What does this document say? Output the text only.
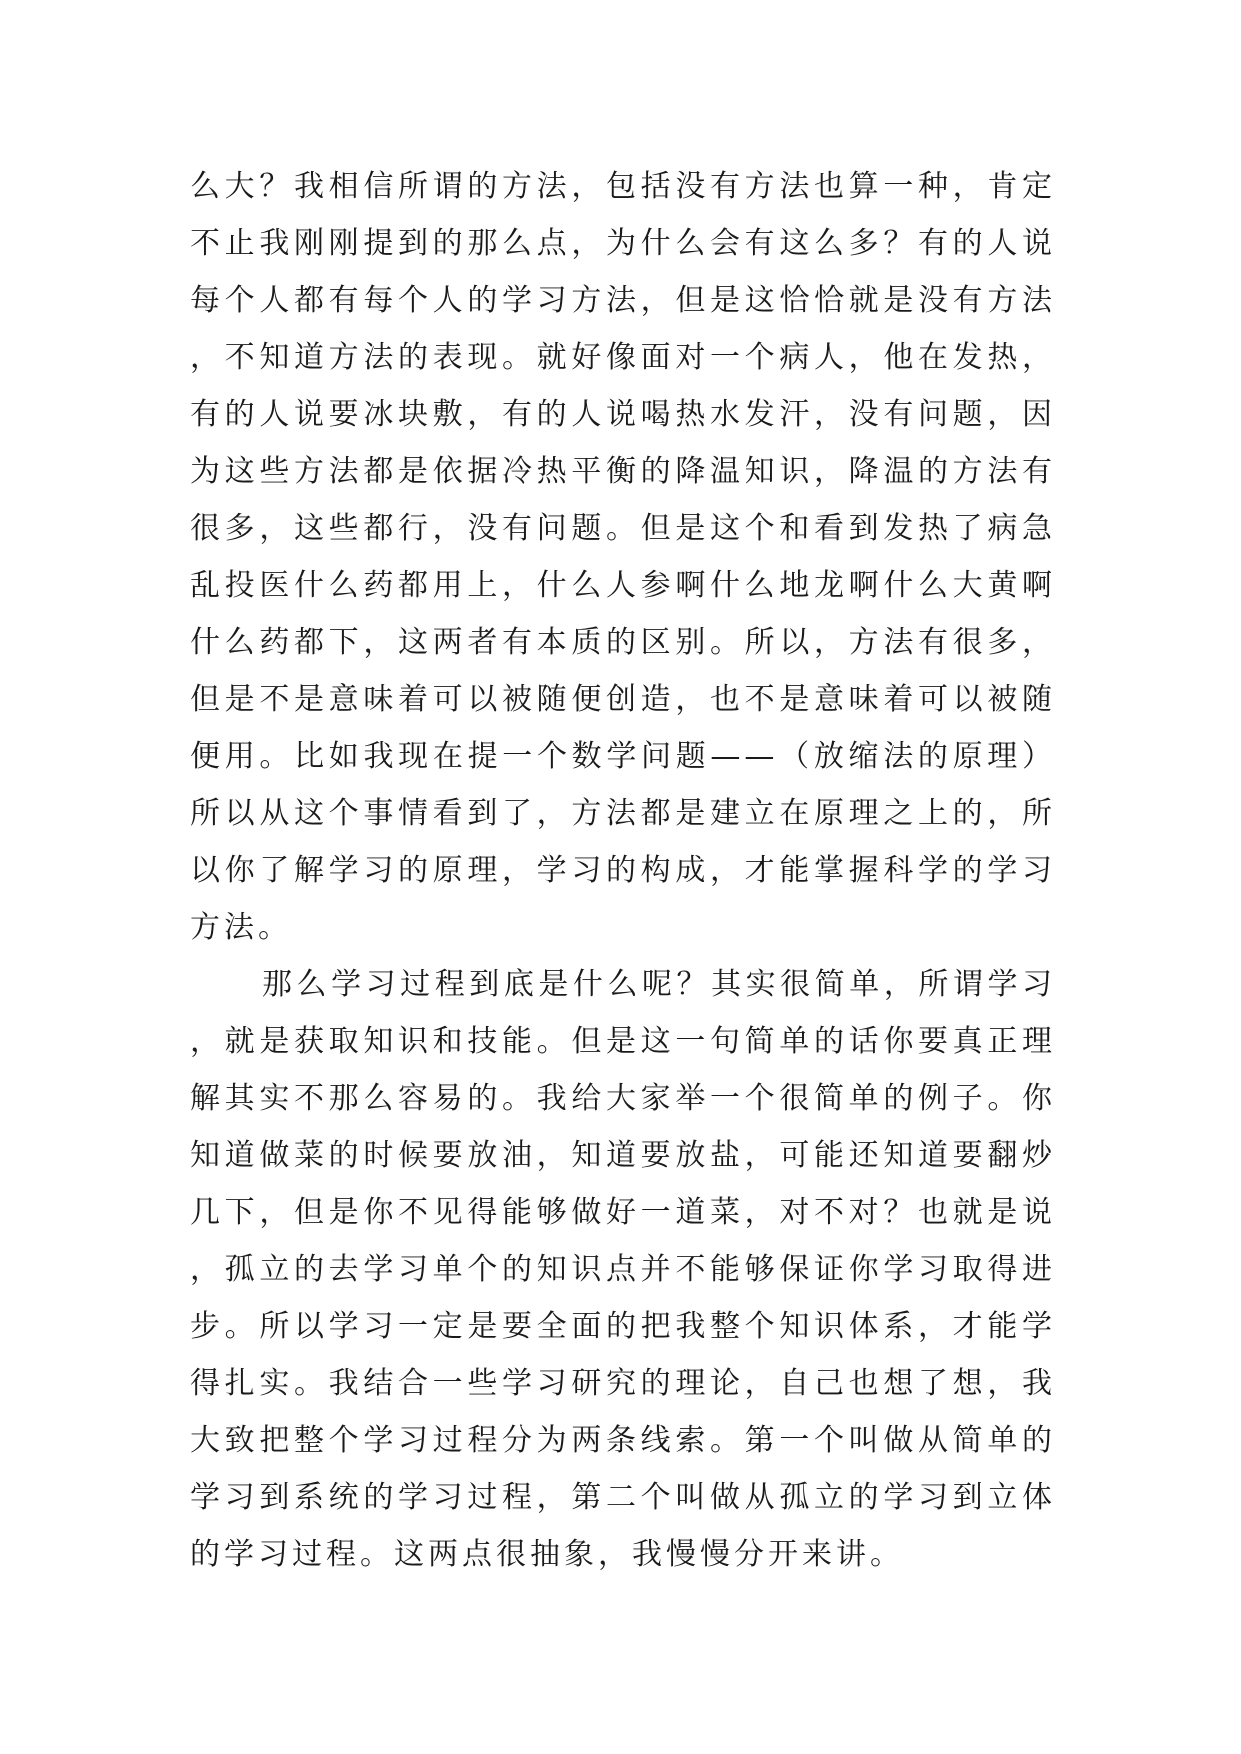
么大？我相信所谓的方法，包括没有方法也算一种，肯定不止我刚刚提到的那么点，为什么会有这么多？有的人说每个人都有每个人的学习方法，但是这恰恰就是没有方法，不知道方法的表现。就好像面对一个病人，他在发热，有的人说要冰块敷，有的人说喝热水发汗，没有问题，因为这些方法都是依据冷热平衡的降温知识，降温的方法有很多，这些都行，没有问题。但是这个和看到发热了病急乱投医什么药都用上，什么人参啊什么地龙啊什么大黄啊什么药都下，这两者有本质的区别。所以，方法有很多，但是不是意味着可以被随便创造，也不是意味着可以被随便用。比如我现在提一个数学问题——（放缩法的原理） 所以从这个事情看到了，方法都是建立在原理之上的，所以你了解学习的原理，学习的构成，才能掌握科学的学习方法。

那么学习过程到底是什么呢？其实很简单，所谓学习，就是获取知识和技能。但是这一句简单的话你要真正理解其实不那么容易的。我给大家举一个很简单的例子。你知道做菜的时候要放油，知道要放盐，可能还知道要翻炒几下，但是你不见得能够做好一道菜，对不对？也就是说，孤立的去学习单个的知识点并不能够保证你学习取得进步。所以学习一定是要全面的把我整个知识体系，才能学得扎实。我结合一些学习研究的理论，自己也想了想，我大致把整个学习过程分为两条线索。第一个叫做从简单的学习到系统的学习过程，第二个叫做从孤立的学习到立体的学习过程。这两点很抽象，我慢慢分开来讲。
